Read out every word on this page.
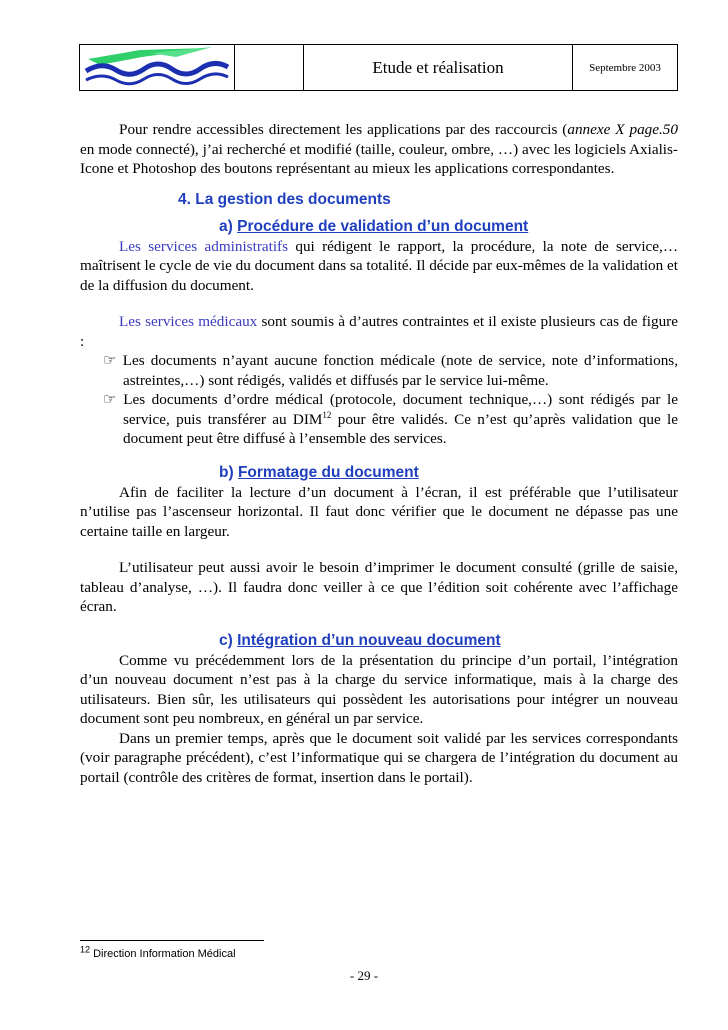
Etude et réalisation	Septembre 2003

Pour rendre accessibles directement les applications par des raccourcis (annexe X page.50 en mode connecté), j’ai recherché et modifié (taille, couleur, ombre, …) avec les logiciels Axialis-Icone et Photoshop des boutons représentant au mieux les applications correspondantes.

4. La gestion des documents
a) Procédure de validation d’un document

Les services administratifs qui rédigent le rapport, la procédure, la note de service,… maîtrisent le cycle de vie du document dans sa totalité. Il décide par eux-mêmes de la validation et de la diffusion du document.

Les services médicaux sont soumis à d’autres contraintes et il existe plusieurs cas de figure :

☞ Les documents n’ayant aucune fonction médicale (note de service, note d’informations, astreintes,…) sont rédigés, validés et diffusés par le service lui-même.

☞ Les documents d’ordre médical (protocole, document technique,…) sont rédigés par le service, puis transférer au DIM$^{12}$ pour être validés. Ce n’est qu’après validation que le document peut être diffusé à l’ensemble des services.

b) Formatage du document

Afin de faciliter la lecture d’un document à l’écran, il est préférable que l’utilisateur n’utilise pas l’ascenseur horizontal. Il faut donc vérifier que le document ne dépasse pas une certaine taille en largeur.

L’utilisateur peut aussi avoir le besoin d’imprimer le document consulté (grille de saisie, tableau d’analyse, …). Il faudra donc veiller à ce que l’édition soit cohérente avec l’affichage écran.

c) Intégration d’un nouveau document

Comme vu précédemment lors de la présentation du principe d’un portail, l’intégration d’un nouveau document n’est pas à la charge du service informatique, mais à la charge des utilisateurs. Bien sûr, les utilisateurs qui possèdent les autorisations pour intégrer un nouveau document sont peu nombreux, en général un par service.

Dans un premier temps, après que le document soit validé par les services correspondants (voir paragraphe précédent), c’est l’informatique qui se chargera de l’intégration du document au portail (contrôle des critères de format, insertion dans le portail).

$^{12}$ Direction Information Médical
- 29 -
